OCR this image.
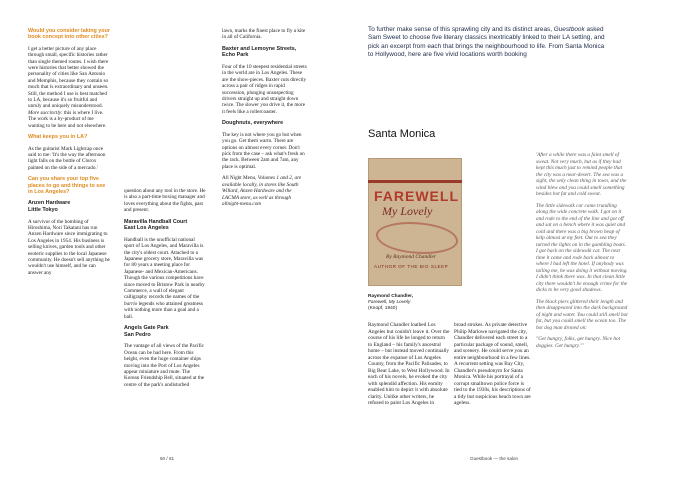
Would you consider taking your book concept into other cities?

I get a better picture of any place through small, specific histories rather than single themed routes. I wish there were histories that better showed the personality of cities like San Antonio and Memphis, because they contain so much that is extraordinary and unseen. Still, the method I use is best matched to LA, because it's so fruitful and unruly and uniquely misunderstood. More succinctly: this is where I live. The work is a by-product of me wanting to be here and not elsewhere.

What keeps you in LA?

As the guitarist Mark Lightcap once said to me: 'It's the way the afternoon light falls on the bottle of Clorox painted on the side of a mercado.'

Can you share your top five places to go and things to see in Los Angeles?

Anzen Hardware
Little Tokyo

A survivor of the bombing of Hiroshima, Nori Takatani has run Anzen Hardware since immigrating to Los Angeles in 1954. His business is selling knives, garden tools and other esoteric supplies to the local Japanese community. He doesn't sell anything he wouldn't use himself, and he can answer any

question about any tool in the store. He is also a part-time boxing manager and loves everything about the fights, past and present.

Maravilla Handball Court
East Los Angeles

Handball is the unofficial national sport of Los Angeles, and Maravilla is the city's oldest court. Attached to a Japanese grocery store, Maravilla was for 80 years a meeting place for Japanese- and Mexican-Americans. Though the various competitions have since moved to Bristow Park in nearby Commerce, a wall of elegant calligraphy records the names of the barrio legends who attained greatness with nothing more than a goal and a ball.

Angels Gate Park
San Pedro

The vantage of all views of the Pacific Ocean can be had here. From this height, even the huge container ships moving into the Port of Los Angeles appear miniature and mute. The Korean Friendship Bell, situated at the centre of the park's undisturbed

lawn, marks the finest place to fly a kite in all of California.

Baxter and Lemoyne Streets,
Echo Park

Four of the 10 steepest residential streets in the world are in Los Angeles. These are the show-pieces. Baxter cuts directly across a pair of ridges in rapid succession, plunging unsuspecting drivers straight up and straight down twice. The slower you drive it, the more it feels like a rollercoaster.

Doughnuts, everywhere

The key is not where you go but when you go. Get them warm. There are options on almost every corner. Don't pick from the case – ask what's fresh on the rack. Between 2am and 7am, any place is optimal.

All Night Menu, Volumes 1 and 2, are available locally, in stores like South Willard, Anzen Hardware and the LACMA store, as well as through allnight-menu.com

60 / 61
To further make sense of this sprawling city and its distinct areas, Guestbook asked Sam Sweet to choose five literary classics inextricably linked to their LA setting, and pick an excerpt from each that brings the neighbourhood to life. From Santa Monica to Hollywood, here are five vivid locations worth booking
Santa Monica
FAREWELL
My Lovely
By Raymond Chandler
AUTHOR OF THE BIG SLEEP
Raymond Chandler,
Farewell, My Lovely
(Knopf, 1940)
Raymond Chandler loathed Los Angeles but couldn't leave it. Over the course of his life he longed to return to England – his family's ancestral home – but instead moved continually across the expanse of Los Angeles County, from the Pacific Palisades, to Big Bear Lake, to West Hollywood. In each of his novels, he evoked the city with splendid affection. His enmity enabled him to depict it with absolute clarity. Unlike other writers, he refused to paint Los Angeles in
broad strokes. As private detective Philip Marlowe navigated the city, Chandler delivered each street to a particular package of sound, smell, and scenery. He could serve you an entire neighbourhood in a few lines. A recurrent setting was Bay City, Chandler's pseudonym for Santa Monica. While his portrayal of a corrupt smalltown police force is tied to the 1930s, his descriptions of a tidy but suspicious beach town are ageless.

'After a while there was a faint smell of sweat. Not very much, but as if they had kept this much just to remind people that the city was a near-desert. The sea was a sight, the only clean thing in town, and the wind blew and you could smell something besides hot fat and cold sweat.

The little sidewalk car came trundling along the wide concrete walk. I got on it and rode to the end of the line and got off and sat on a bench where it was quiet and cold and there was a big brown heap of kelp almost at my feet. Out to sea they turned the lights on in the gambling boats. I got back on the sidewalk car. The next time it came and rode back almost to where I had left the hotel. If anybody was tailing me, he was doing it without moving. I didn't think there was. In that clean little city there wouldn't be enough crime for the dicks to be very good shadows.

The black piers glittered their length and then disappeared into the dark background of night and water. You could still smell hot fat, but you could smell the ocean too. The hot dog man droned on:

"Get hungry, folks, get hungry. Nice hot doggies. Get hungry."'

Guestbook — the salon
